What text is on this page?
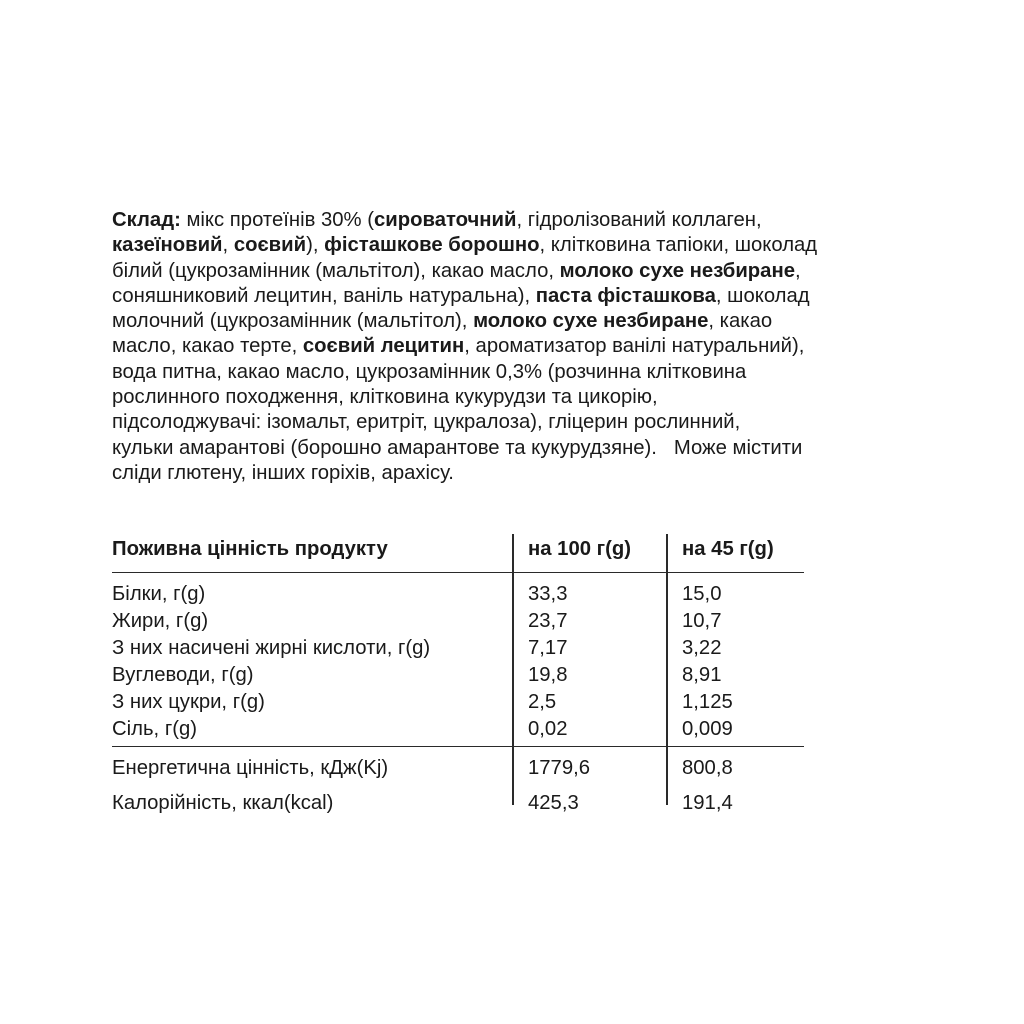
Склад: мікс протеїнів 30% (сироваточний, гідролізований коллаген,
казеїновий, соєвий), фісташкове борошно, клітковина тапіоки, шоколад
білий (цукрозамінник (мальтітол), какао масло, молоко сухе незбиране,
соняшниковий лецитин, ваніль натуральна), паста фісташкова, шоколад
молочний (цукрозамінник (мальтітол), молоко сухе незбиране, какао
масло, какао терте, соєвий лецитин, ароматизатор ванілі натуральний),
вода питна, какао масло, цукрозамінник 0,3% (розчинна клітковина
рослинного походження, клітковина кукурудзи та цикорію,
підсолоджувачі: ізомальт, еритріт, цукралоза), гліцерин рослинний,
кульки амарантові (борошно амарантове та кукурудзяне).   Може містити
сліди глютену, інших горіхів, арахісу.
Поживна цінність продукту	на 100 г(g)	на 45 г(g)
Білки, г(g)	33,3	15,0
Жири, г(g)	23,7	10,7
З них насичені жирні кислоти, г(g)	7,17	3,22
Вуглеводи, г(g)	19,8	8,91
З них цукри, г(g)	2,5	1,125
Сіль, г(g)	0,02	0,009
Енергетична цінність, кДж(Kj)	1779,6	800,8
Калорійність, ккал(kcal)	425,3	191,4
